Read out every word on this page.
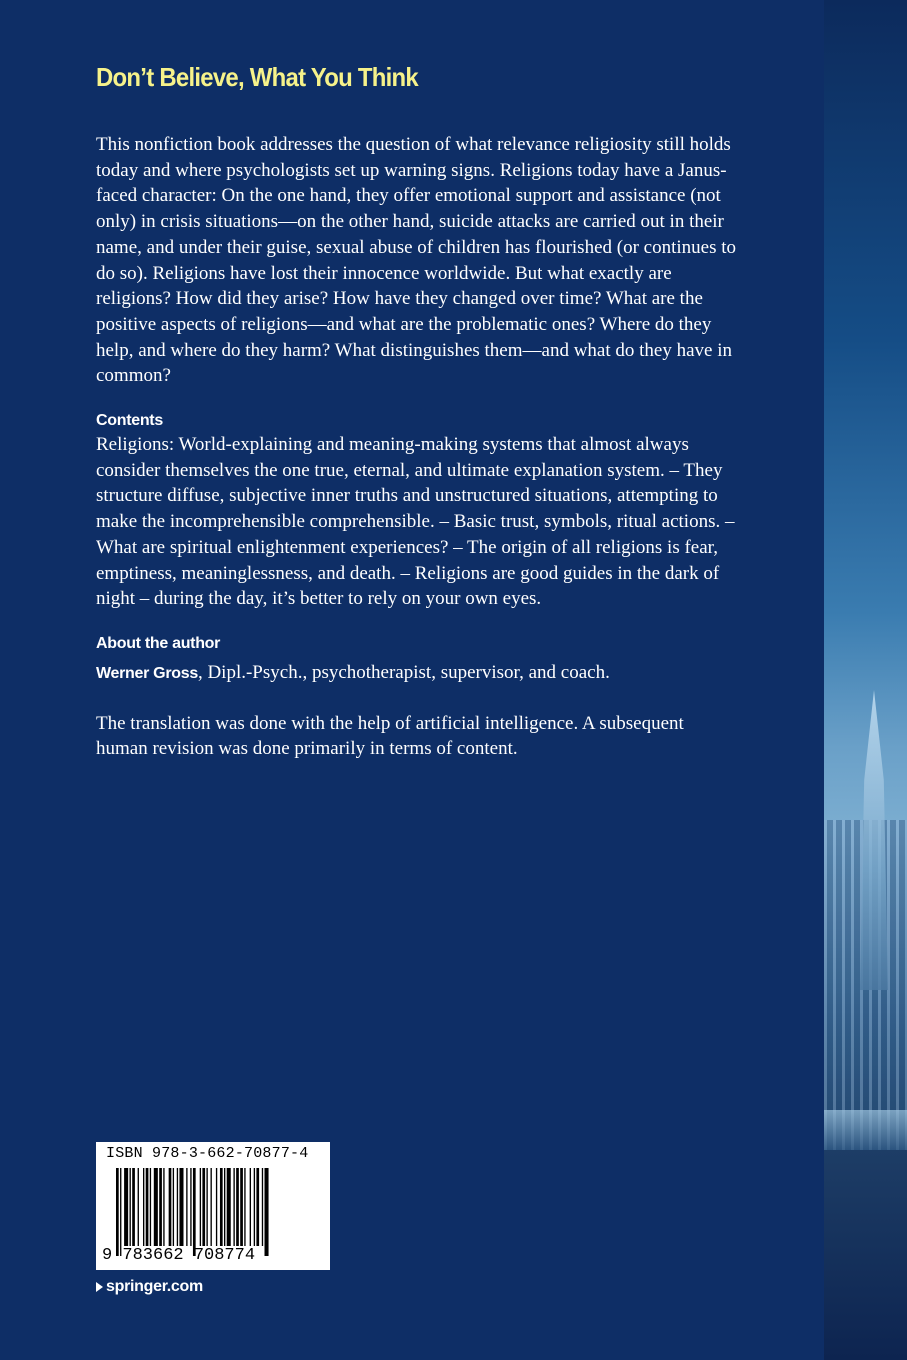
Don’t Believe, What You Think

This nonfiction book addresses the question of what relevance religiosity still holds today and where psychologists set up warning signs. Religions today have a Janus-faced character: On the one hand, they offer emotional support and assistance (not only) in crisis situations—on the other hand, suicide attacks are carried out in their name, and under their guise, sexual abuse of children has flourished (or continues to do so). Religions have lost their innocence worldwide. But what exactly are religions? How did they arise? How have they changed over time? What are the positive aspects of religions—and what are the problematic ones? Where do they help, and where do they harm? What distinguishes them—and what do they have in common?

Contents

Religions: World-explaining and meaning-making systems that almost always consider themselves the one true, eternal, and ultimate explanation system. – They structure diffuse, subjective inner truths and unstructured situations, attempting to make the incomprehensible comprehensible. – Basic trust, symbols, ritual actions. – What are spiritual enlightenment experiences? – The origin of all religions is fear, emptiness, meaninglessness, and death. – Religions are good guides in the dark of night – during the day, it’s better to rely on your own eyes.

About the author

Werner Gross, Dipl.-Psych., psychotherapist, supervisor, and coach.

The translation was done with the help of artificial intelligence. A subsequent human revision was done primarily in terms of content.

ISBN 978-3-662-70877-4
9 783662 708774
springer.com
